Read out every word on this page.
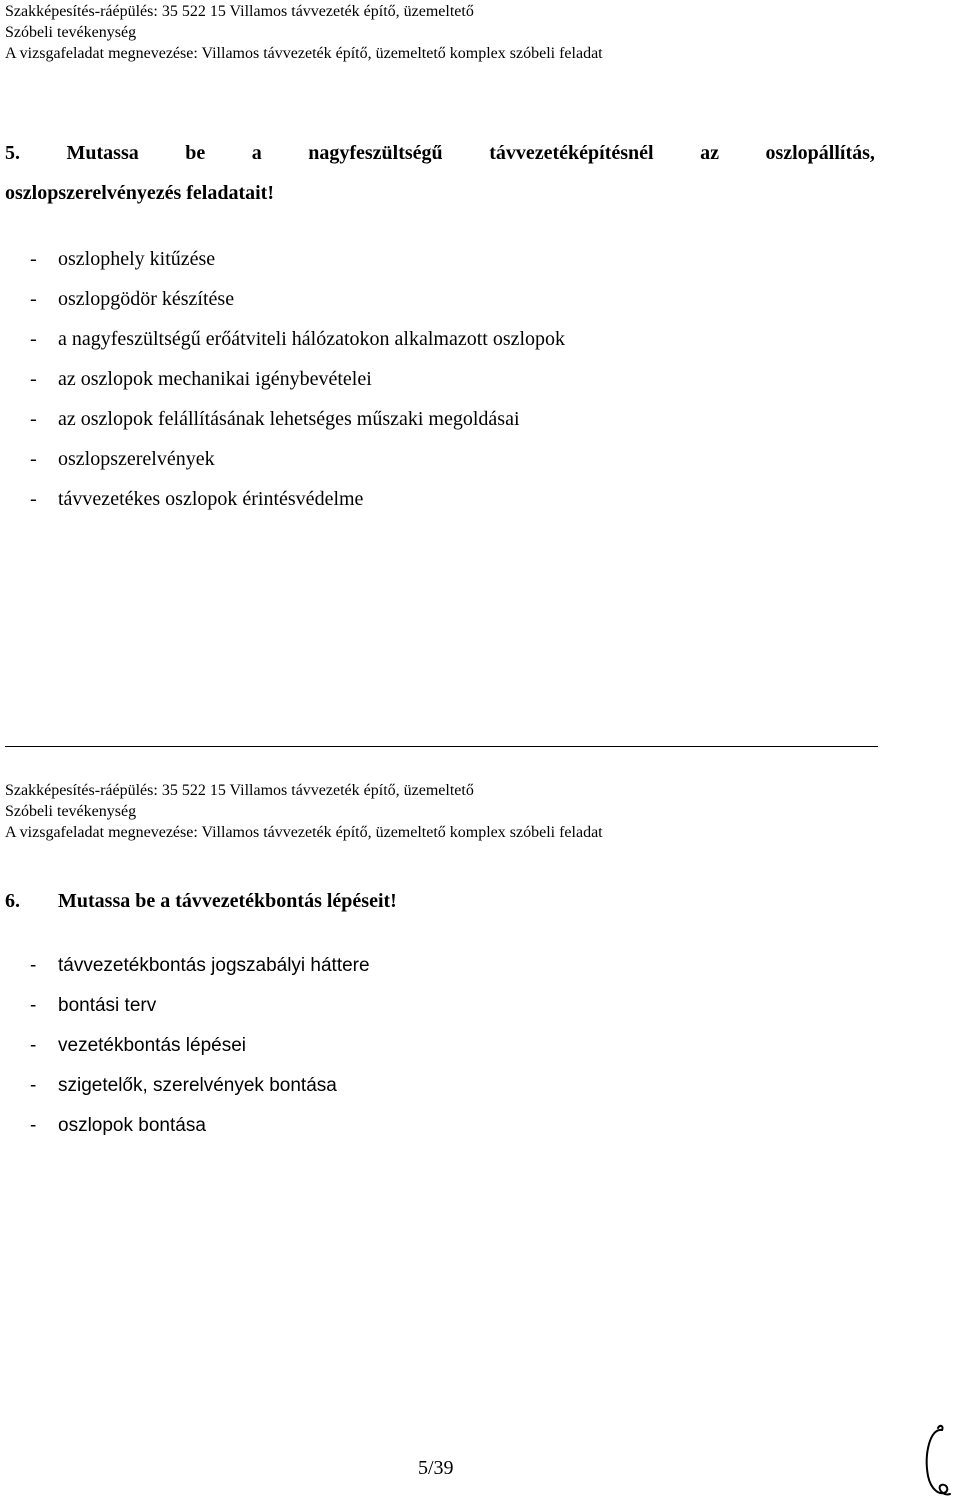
Szakképesítés-ráépülés: 35 522 15 Villamos távvezeték építő, üzemeltető
Szóbeli tevékenység
A vizsgafeladat megnevezése: Villamos távvezeték építő, üzemeltető komplex szóbeli feladat
5. Mutassa be a nagyfeszültségű távvezetéképítésnél az oszlopállítás,
oszlopszerelvényezés feladatait!
- oszlophely kitűzése
- oszlopgödör készítése
- a nagyfeszültségű erőátviteli hálózatokon alkalmazott oszlopok
- az oszlopok mechanikai igénybevételei
- az oszlopok felállításának lehetséges műszaki megoldásai
- oszlopszerelvények
- távvezetékes oszlopok érintésvédelme
Szakképesítés-ráépülés: 35 522 15 Villamos távvezeték építő, üzemeltető
Szóbeli tevékenység
A vizsgafeladat megnevezése: Villamos távvezeték építő, üzemeltető komplex szóbeli feladat
6. Mutassa be a távvezetékbontás lépéseit!
- távvezetékbontás jogszabályi háttere
- bontási terv
- vezetékbontás lépései
- szigetelők, szerelvények bontása
- oszlopok bontása
5/39
